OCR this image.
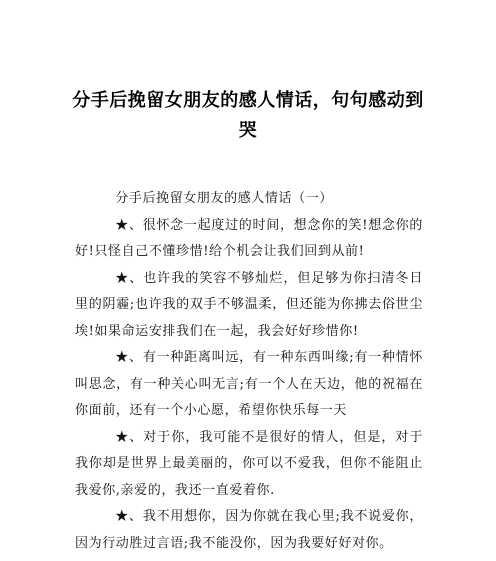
分手后挽留女朋友的感人情话，句句感动到哭

分手后挽留女朋友的感人情话（一）

★、很怀念一起度过的时间，想念你的笑!想念你的好!只怪自己不懂珍惜!给个机会让我们回到从前!

★、也许我的笑容不够灿烂，但足够为你扫清冬日里的阴霾;也许我的双手不够温柔，但还能为你拂去俗世尘埃!如果命运安排我们在一起，我会好好珍惜你!

★、有一种距离叫远，有一种东西叫缘;有一种情怀叫思念，有一种关心叫无言;有一个人在天边，他的祝福在你面前，还有一个小心愿，希望你快乐每一天

★、对于你，我可能不是很好的情人，但是，对于我你却是世界上最美丽的，你可以不爱我，但你不能阻止我爱你,亲爱的，我还一直爱着你.

★、我不用想你，因为你就在我心里;我不说爱你，因为行动胜过言语;我不能没你，因为我要好好对你。
